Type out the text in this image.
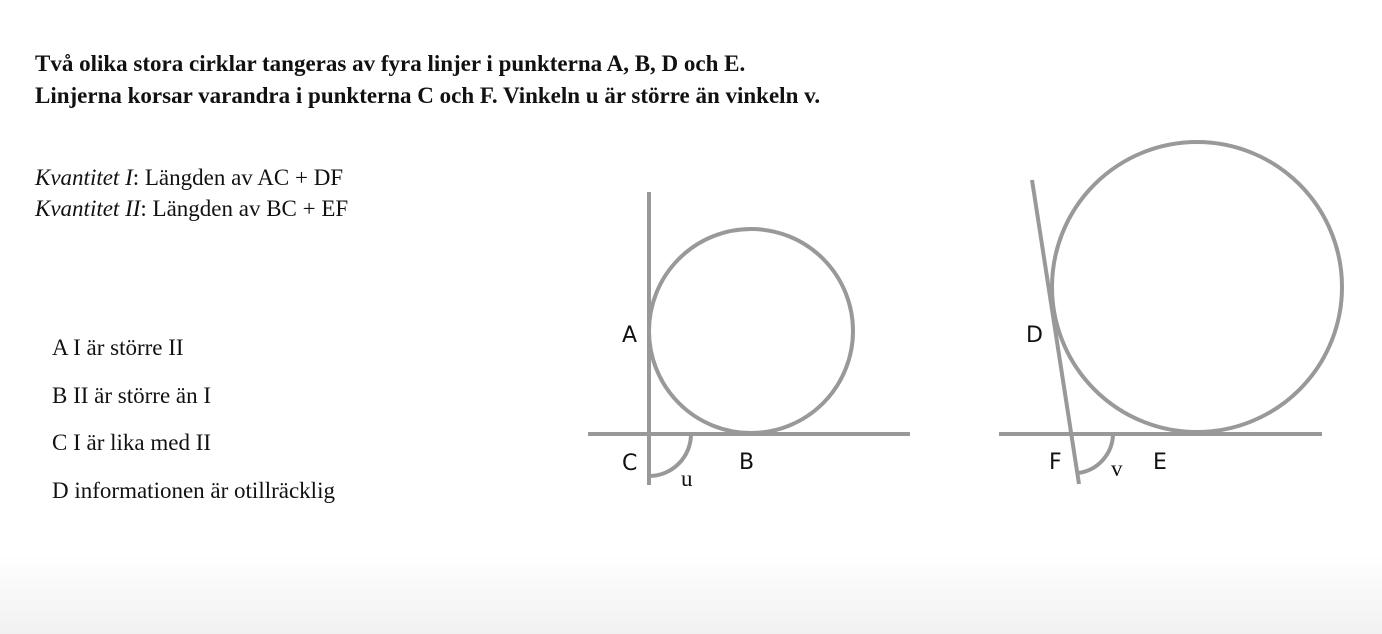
Två olika stora cirklar tangeras av fyra linjer i punkterna A, B, D och E.
Linjerna korsar varandra i punkterna C och F. Vinkeln u är större än vinkeln v.
Kvantitet I: Längden av AC + DF
Kvantitet II: Längden av BC + EF
A I är större II
B II är större än I
C I är lika med II
D informationen är otillräcklig
A
C	B
u
D
F v E
